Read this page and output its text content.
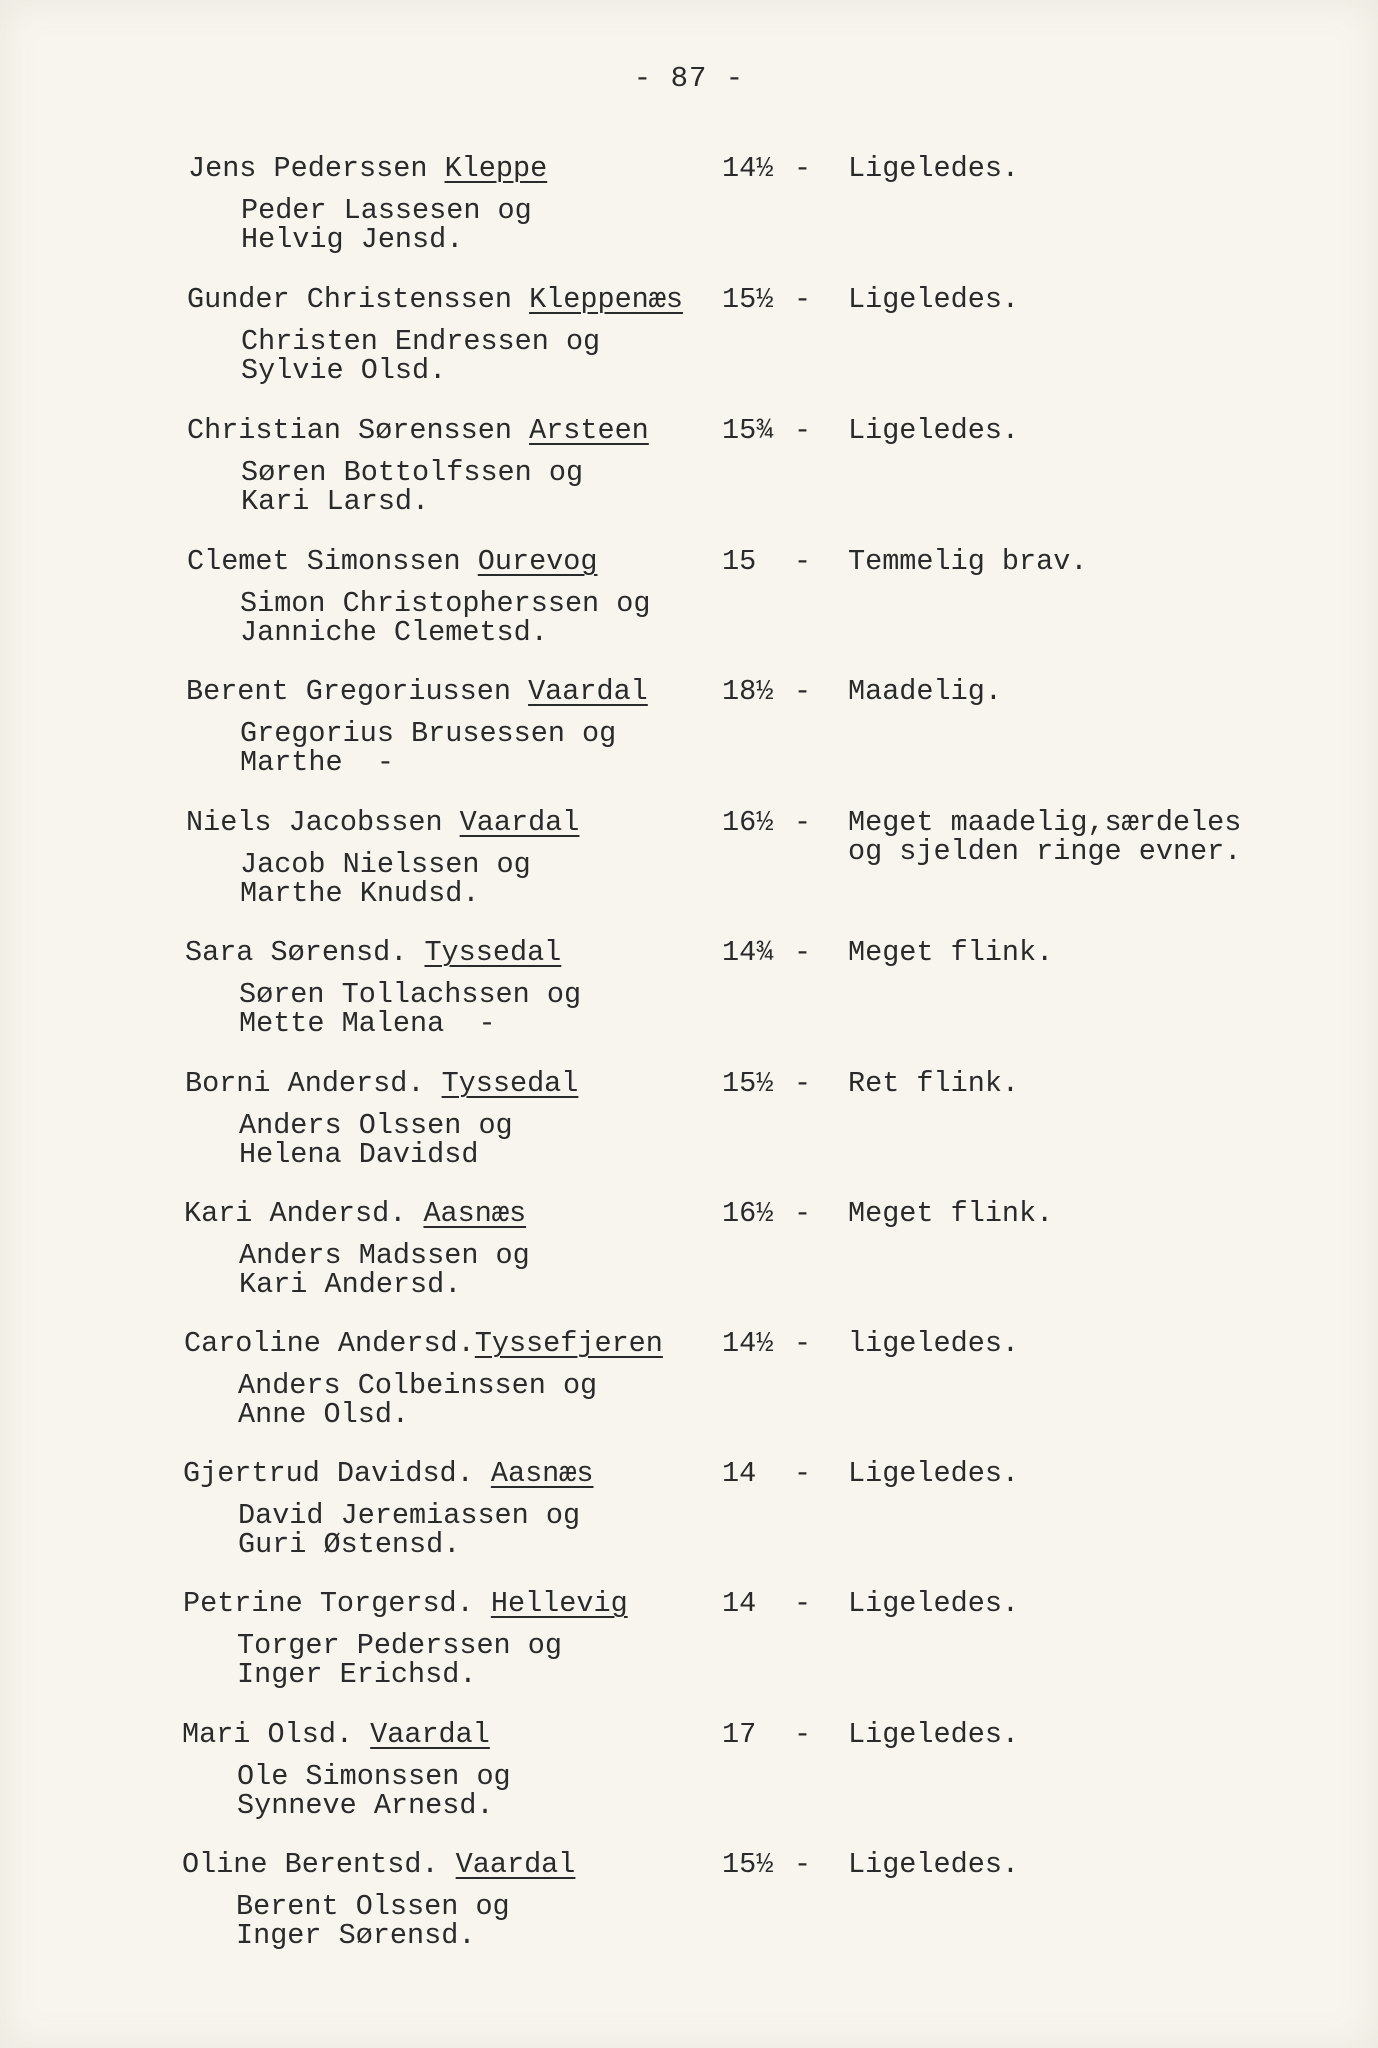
- 87 -
Jens Pederssen Kleppe
Peder Lassesen og
Helvig Jensd.
14½ - Ligeledes.
Gunder Christenssen Kleppenæs
Christen Endressen og
Sylvie Olsd.
15½ - Ligeledes.
Christian Sørenssen Arsteen
Søren Bottolfssen og
Kari Larsd.
15¾ - Ligeledes.
Clemet Simonssen Ourevog
Simon Christopherssen og
Janniche Clemetsd.
15 - Temmelig brav.
Berent Gregoriussen Vaardal
Gregorius Brusessen og
Marthe  -
18½ - Maadelig.
Niels Jacobssen Vaardal
Jacob Nielssen og
Marthe Knudsd.
16½ - Meget maadelig,særdeles
og sjelden ringe evner.
Sara Sørensd. Tyssedal
Søren Tollachssen og
Mette Malena  -
14¾ - Meget flink.
Borni Andersd. Tyssedal
Anders Olssen og
Helena Davidsd
15½ - Ret flink.
Kari Andersd. Aasnæs
Anders Madssen og
Kari Andersd.
16½ - Meget flink.
Caroline Andersd.Tyssefjeren
Anders Colbeinssen og
Anne Olsd.
14½ - ligeledes.
Gjertrud Davidsd. Aasnæs
David Jeremiassen og
Guri Østensd.
14 - Ligeledes.
Petrine Torgersd. Hellevig
Torger Pederssen og
Inger Erichsd.
14 - Ligeledes.
Mari Olsd. Vaardal
Ole Simonssen og
Synneve Arnesd.
17 - Ligeledes.
Oline Berentsd. Vaardal
Berent Olssen og
Inger Sørensd.
15½ - Ligeledes.
